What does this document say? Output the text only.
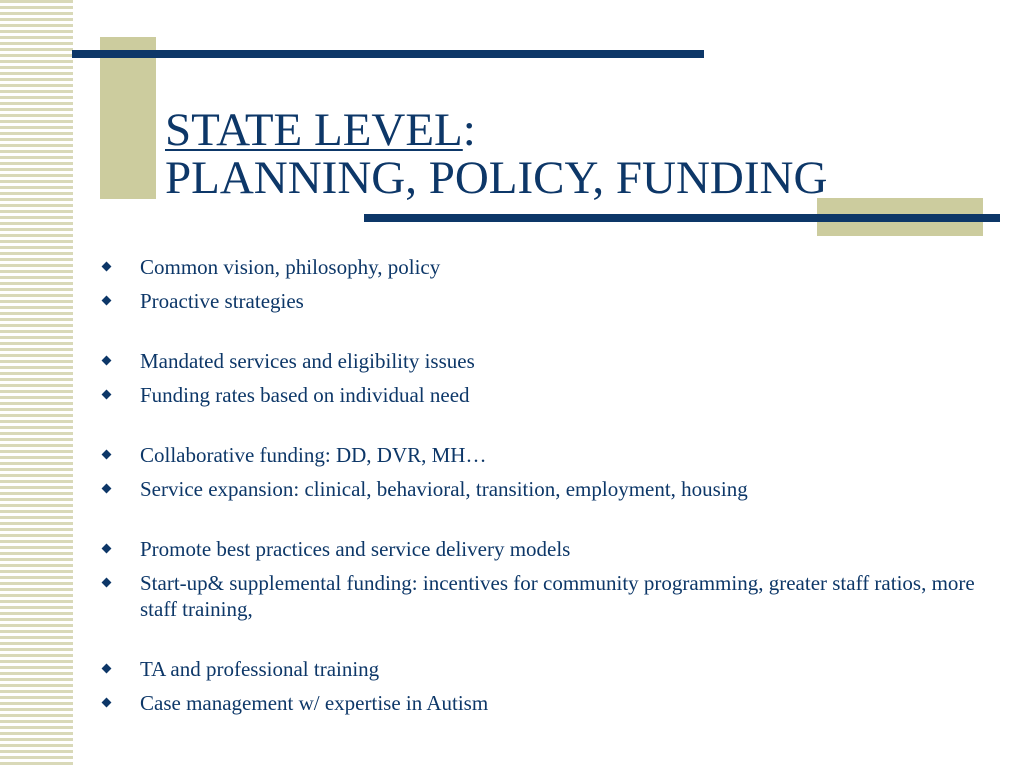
STATE LEVEL:
PLANNING, POLICY, FUNDING
Common vision, philosophy, policy
Proactive strategies
Mandated services and eligibility issues
Funding rates based on individual need
Collaborative funding: DD, DVR, MH…
Service expansion: clinical, behavioral, transition, employment, housing
Promote best practices and service delivery models
Start-up& supplemental funding: incentives for community programming, greater staff ratios, more staff training,
TA and professional training
Case management w/ expertise in Autism
